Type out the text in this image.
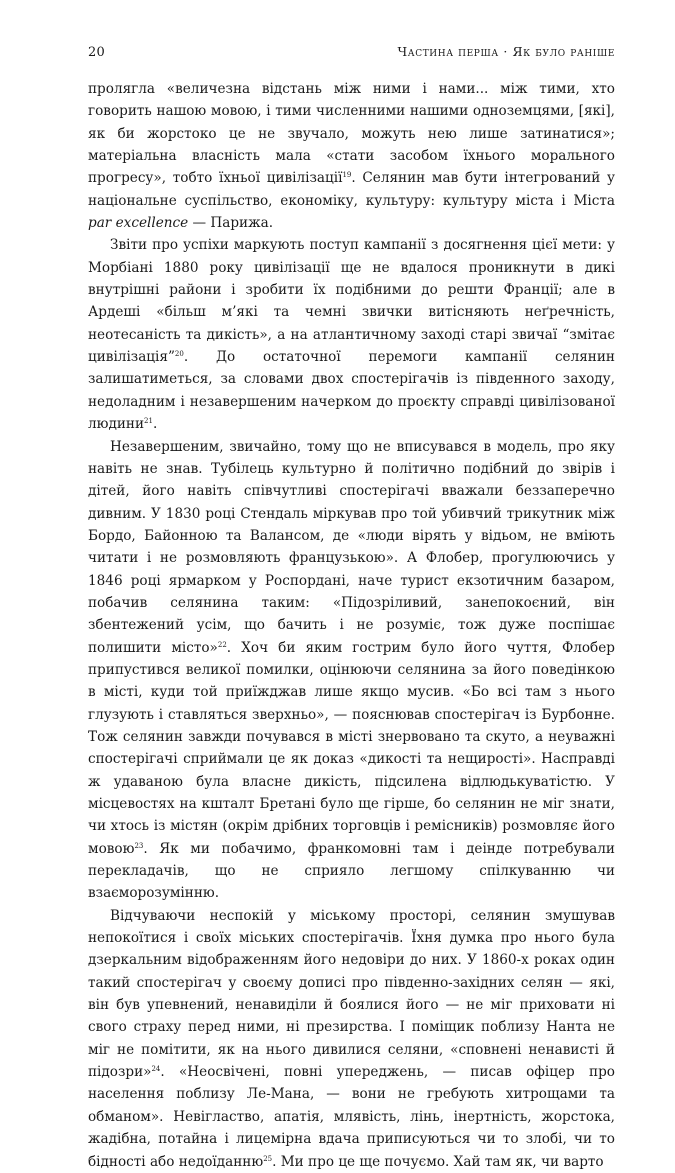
20	Частина перша · Як було раніше

пролягла «величезна відстань між ними і нами... між тими, хто говорить нашою мовою, і тими численними нашими одноземцями, [які], як би жорстоко це не звучало, можуть нею лише затинатися»; матеріальна власність мала «стати засобом їхнього морального прогресу», тобто їхньої цивілізації$^{19}$. Селянин мав бути інтегрований у національне суспільство, економіку, культуру: культуру міста і Міста par excellence — Парижа.

Звіти про успіхи маркують поступ кампанії з досягнення цієї мети: у Морбіані 1880 року цивілізації ще не вдалося проникнути в дикі внутрішні райони і зробити їх подібними до решти Франції; але в Ардеші «більш м’які та чемні звички витісняють неґречність, неотесаність та дикість», а на атлантичному заході старі звичаї “змітає цивілізація”$^{20}$. До остаточної перемоги кампанії селянин залишатиметься, за словами двох спостерігачів із південного заходу, недоладним і незавершеним начерком до проєкту справді цивілізованої людини$^{21}$.

Незавершеним, звичайно, тому що не вписувався в модель, про яку навіть не знав. Тубілець культурно й політично подібний до звірів і дітей, його навіть співчутливі спостерігачі вважали беззаперечно дивним. У 1830 році Стендаль міркував про той убивчий трикутник між Бордо, Байонною та Валансом, де «люди вірять у відьом, не вміють читати і не розмовляють французькою». А Флобер, прогулюючись у 1846 році ярмарком у Роспордані, наче турист екзотичним базаром, побачив селянина таким: «Підозріливий, занепокоєний, він збентежений усім, що бачить і не розуміє, тож дуже поспішає полишити місто»$^{22}$. Хоч би яким гострим було його чуття, Флобер припустився великої помилки, оцінюючи селянина за його поведінкою в місті, куди той приїжджав лише якщо мусив. «Бо всі там з нього глузують і ставляться зверхньо», — пояснював спостерігач із Бурбонне. Тож селянин завжди почувався в місті знервовано та скуто, а неуважні спостерігачі сприймали це як доказ «дикості та нещирості». Насправді ж удаваною була власне дикість, підсилена відлюдькуватістю. У місцевостях на кшталт Бретані було ще гірше, бо селянин не міг знати, чи хтось із містян (окрім дрібних торговців і ремісників) розмовляє його мовою$^{23}$. Як ми побачимо, франкомовні там і деінде потребували перекладачів, що не сприяло легшому спілкуванню чи взаєморозумінню.

Відчуваючи неспокій у міському просторі, селянин змушував непокоїтися і своїх міських спостерігачів. Їхня думка про нього була дзеркальним відображенням його недовіри до них. У 1860-х роках один такий спостерігач у своєму дописі про південно-західних селян — які, він був упевнений, ненавиділи й боялися його — не міг приховати ні свого страху перед ними, ні презирства. І поміщик поблизу Нанта не міг не помітити, як на нього дивилися селяни, «сповнені ненависті й підозри»$^{24}$. «Неосвічені, повні упереджень, — писав офіцер про населення поблизу Ле-Мана, — вони не гребують хитрощами та обманом». Невігластво, апатія, млявість, лінь, інертність, жорстока, жадібна, потайна і лицемірна вдача приписуються чи то злобі, чи то бідності або недоїданню$^{25}$. Ми про це ще почуємо. Хай там як, чи варто
